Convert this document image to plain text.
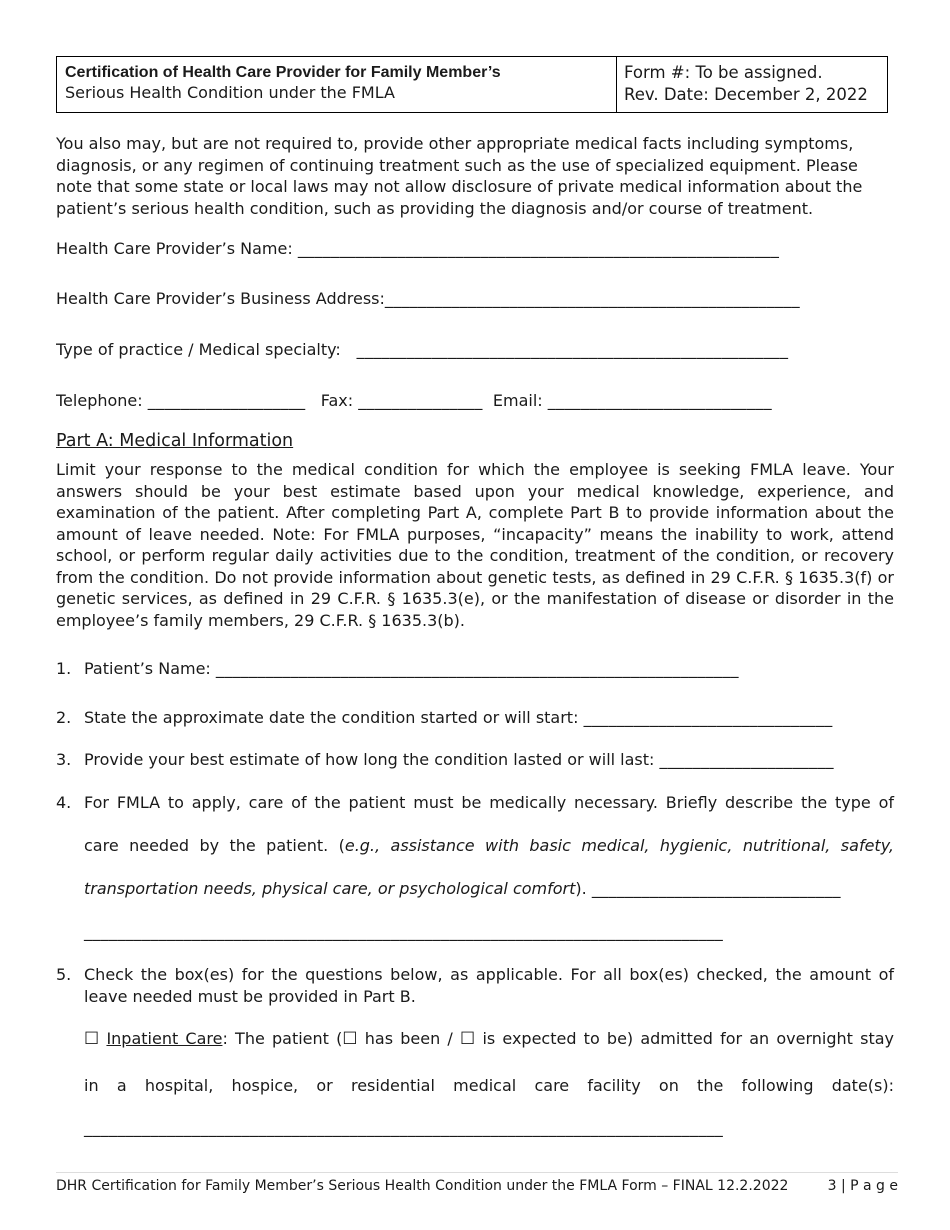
Certification of Health Care Provider for Family Member’s
Serious Health Condition under the FMLA
Form #: To be assigned.
Rev. Date: December 2, 2022

You also may, but are not required to, provide other appropriate medical facts including symptoms, diagnosis, or any regimen of continuing treatment such as the use of specialized equipment. Please note that some state or local laws may not allow disclosure of private medical information about the patient’s serious health condition, such as providing the diagnosis and/or course of treatment.

Health Care Provider’s Name: __________________________________________________________
Health Care Provider’s Business Address:__________________________________________________
Type of practice / Medical specialty:   ____________________________________________________
Telephone: ___________________ Fax: _______________ Email: ___________________________
Part A: Medical Information

Limit your response to the medical condition for which the employee is seeking FMLA leave. Your answers should be your best estimate based upon your medical knowledge, experience, and examination of the patient. After completing Part A, complete Part B to provide information about the amount of leave needed. Note: For FMLA purposes, “incapacity” means the inability to work, attend school, or perform regular daily activities due to the condition, treatment of the condition, or recovery from the condition. Do not provide information about genetic tests, as defined in 29 C.F.R. § 1635.3(f) or genetic services, as defined in 29 C.F.R. § 1635.3(e), or the manifestation of disease or disorder in the employee’s family members, 29 C.F.R. § 1635.3(b).

1. Patient’s Name: _______________________________________________________________
2. State the approximate date the condition started or will start: ______________________________
3. Provide your best estimate of how long the condition lasted or will last: _____________________
4. For FMLA to apply, care of the patient must be medically necessary. Briefly describe the type of
care needed by the patient. (e.g., assistance with basic medical, hygienic, nutritional, safety,
transportation needs, physical care, or psychological comfort). ______________________________
_____________________________________________________________________________
5. Check the box(es) for the questions below, as applicable. For all box(es) checked, the amount of leave needed must be provided in Part B.
☐ Inpatient Care: The patient (☐ has been / ☐ is expected to be) admitted for an overnight stay
in a hospital, hospice, or residential medical care facility on the following date(s):
_____________________________________________________________________________
DHR Certification for Family Member’s Serious Health Condition under the FMLA Form – FINAL 12.2.2022	3 | P a g e
